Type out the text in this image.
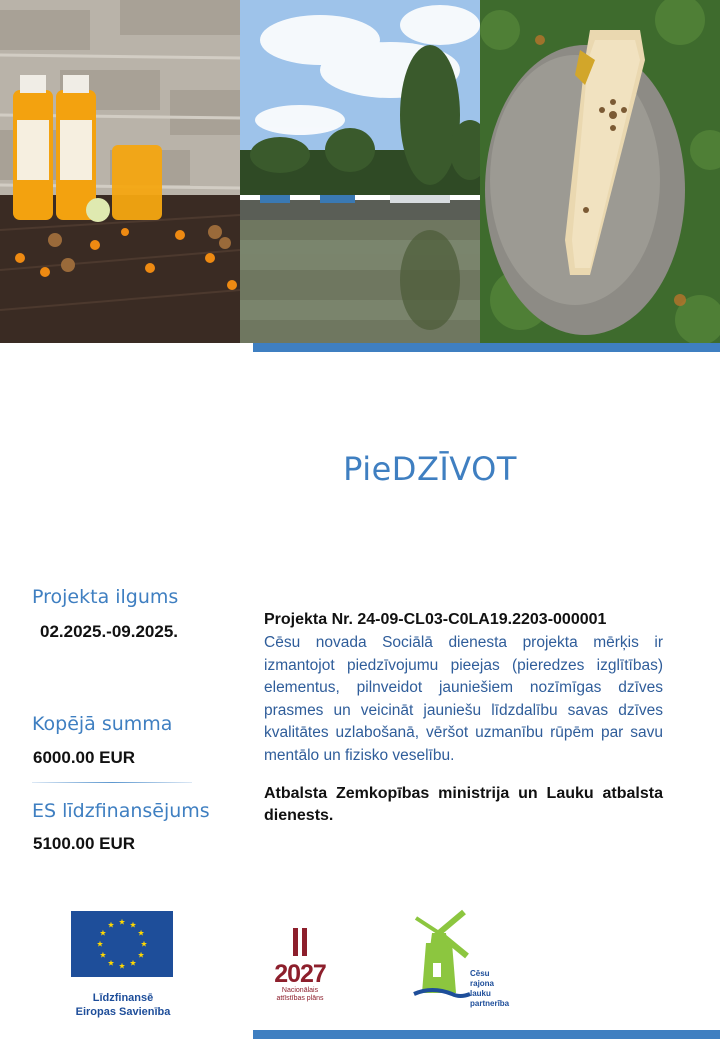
PieDZĪVOT
Projekta ilgums
02.2025.-09.2025.
Kopējā summa
6000.00 EUR
ES līdzfinansējums
5100.00 EUR

Projekta Nr. 24-09-CL03-C0LA19.2203-000001

Cēsu novada Sociālā dienesta projekta mērķis ir izmantojot piedzīvojumu pieejas (pieredzes izglītības) elementus, pilnveidot jauniešiem nozīmīgas dzīves prasmes un veicināt jauniešu līdzdalību savas dzīves kvalitātes uzlabošanā, vēršot uzmanību rūpēm par savu mentālo un fizisko veselību.

Atbalsta Zemkopības ministrija un Lauku atbalsta dienests.

Līdzfinansē
Eiropas Savienība
2027
Nacionālais
attīstības plāns
Cēsu
rajona lauku
partnerība
